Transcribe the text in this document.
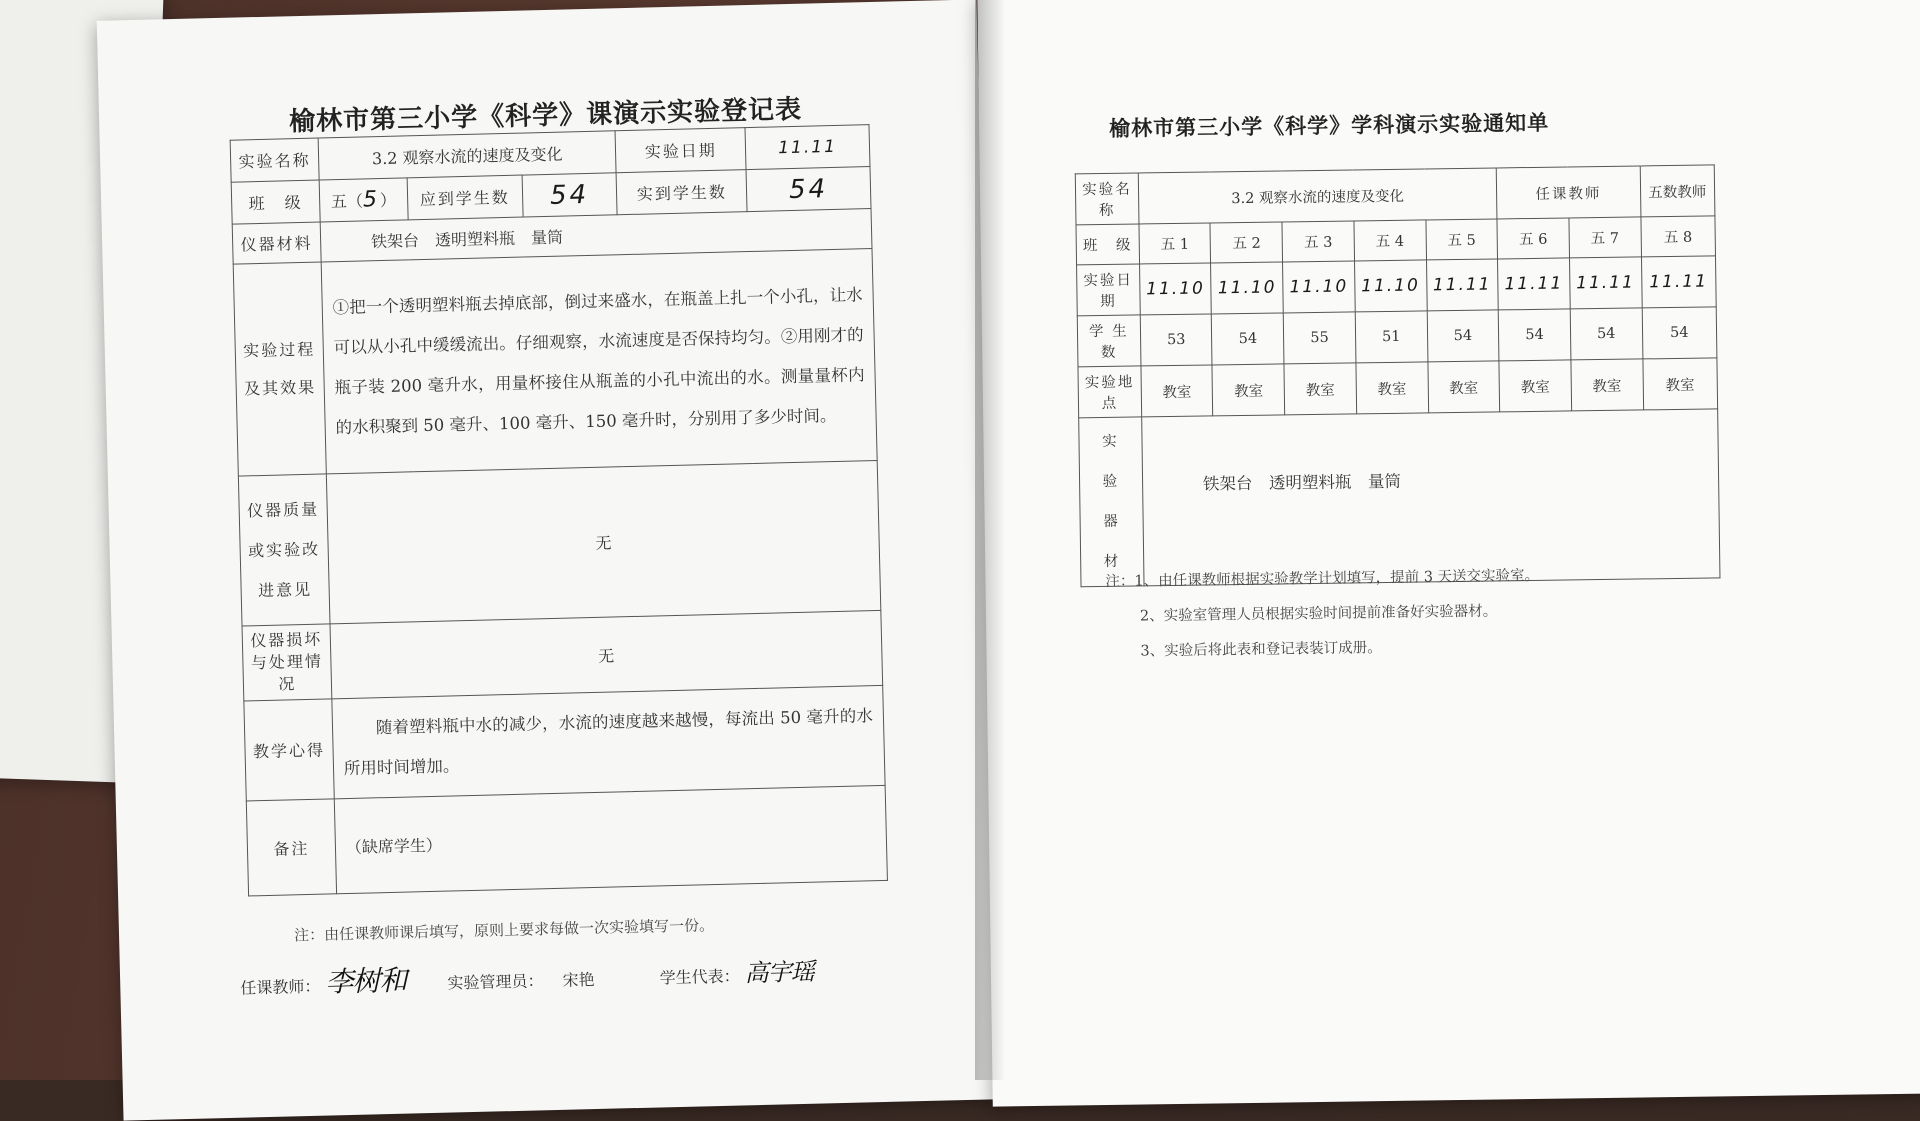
榆林市第三小学《科学》课演示实验登记表
实验名称	3.2 观察水流的速度及变化			实验日期	11.11
班　级	五（5）	应到学生数	54	实到学生数	54
仪器材料	铁架台　透明塑料瓶　量筒				
实验过程及其效果	①把一个透明塑料瓶去掉底部，倒过来盛水，在瓶盖上扎一个小孔，让水可以从小孔中缓缓流出。仔细观察，水流速度是否保持均匀。②用刚才的瓶子装 200 毫升水，用量杯接住从瓶盖的小孔中流出的水。测量量杯内的水积聚到 50 毫升、100 毫升、150 毫升时，分别用了多少时间。				
仪器质量或实验改进意见	无				
仪器损坏与处理情况	无				
教学心得	随着塑料瓶中水的减少，水流的速度越来越慢，每流出 50 毫升的水所用时间增加。				
备注	（缺席学生）				
注：由任课教师课后填写，原则上要求每做一次实验填写一份。
任课教师： 李树和	实验管理员： 宋艳	学生代表： 高宇瑶
榆林市第三小学《科学》学科演示实验通知单
实验名称	3.2 观察水流的速度及变化					任课教师		五数教师
班　级	五 1	五 2	五 3	五 4	五 5	五 6	五 7	五 8
实验日期	11.10	11.10	11.10	11.10	11.11	11.11	11.11	11.11
学 生 数	53	54	55	51	54	54	54	54
实验地点	教室	教室	教室	教室	教室	教室	教室	教室

实
验
器
材	铁架台　透明塑料瓶　量筒							
注：1、由任课教师根据实验教学计划填写，提前 3 天送交实验室。
2、实验室管理人员根据实验时间提前准备好实验器材。
3、实验后将此表和登记表装订成册。
